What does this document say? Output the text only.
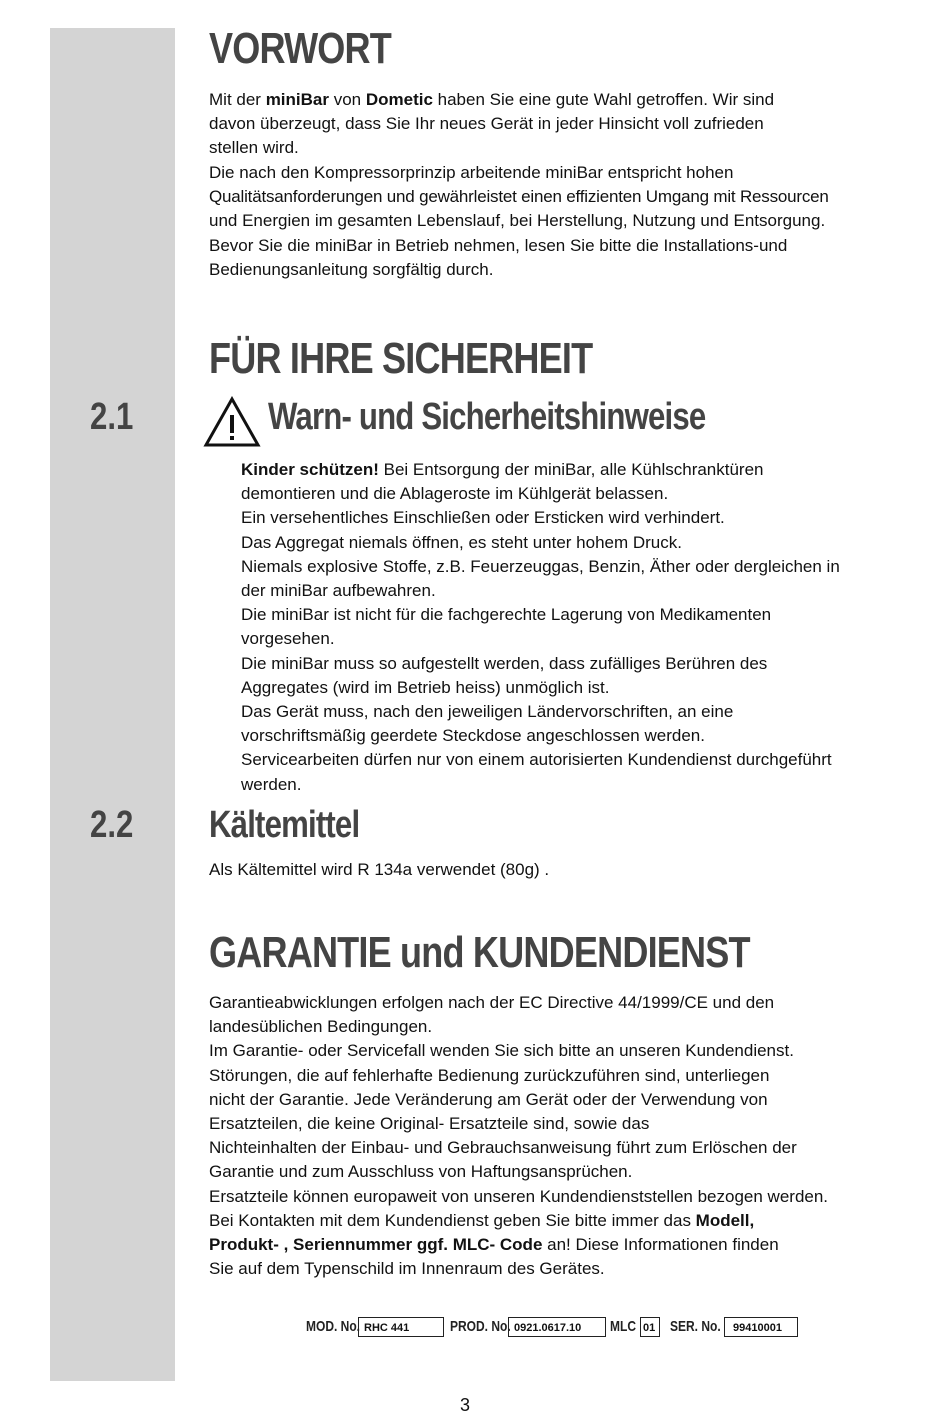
VORWORT
Mit der miniBar von Dometic haben Sie eine gute Wahl getroffen. Wir sind
davon überzeugt, dass Sie Ihr neues Gerät in jeder Hinsicht voll zufrieden
stellen wird.
Die nach den Kompressorprinzip arbeitende miniBar entspricht hohen
Qualitätsanforderungen und gewährleistet einen effizienten Umgang mit Ressourcen
und Energien im gesamten Lebenslauf, bei Herstellung, Nutzung und Entsorgung.
Bevor Sie die miniBar in Betrieb nehmen, lesen Sie bitte die Installations-und
Bedienungsanleitung sorgfältig durch.
FÜR IHRE SICHERHEIT
2.1	Warn- und Sicherheitshinweise
Kinder schützen! Bei Entsorgung der miniBar, alle Kühlschranktüren
demontieren und die Ablageroste im Kühlgerät belassen.
Ein versehentliches Einschließen oder Ersticken wird verhindert.
Das Aggregat niemals öffnen, es steht unter hohem Druck.
Niemals explosive Stoffe, z.B. Feuerzeuggas, Benzin, Äther oder dergleichen in
der miniBar aufbewahren.
Die miniBar ist nicht für die fachgerechte Lagerung von Medikamenten
vorgesehen.
Die miniBar muss so aufgestellt werden, dass zufälliges Berühren des
Aggregates (wird im Betrieb heiss) unmöglich ist.
Das Gerät muss, nach den jeweiligen Ländervorschriften, an eine
vorschriftsmäßig geerdete Steckdose angeschlossen werden.
Servicearbeiten dürfen nur von einem autorisierten Kundendienst durchgeführt
werden.
2.2 Kältemittel
Als Kältemittel wird R 134a verwendet (80g) .
GARANTIE und KUNDENDIENST
Garantieabwicklungen erfolgen nach der EC Directive 44/1999/CE und den
landesüblichen Bedingungen.
Im Garantie- oder Servicefall wenden Sie sich bitte an unseren Kundendienst.
Störungen, die auf fehlerhafte Bedienung zurückzuführen sind, unterliegen
nicht der Garantie. Jede Veränderung am Gerät oder der Verwendung von
Ersatzteilen, die keine Original- Ersatzteile sind, sowie das
Nichteinhalten der Einbau- und Gebrauchsanweisung führt zum Erlöschen der
Garantie und zum Ausschluss von Haftungsansprüchen.
Ersatzteile können europaweit von unseren Kundendienststellen bezogen werden.
Bei Kontakten mit dem Kundendienst geben Sie bitte immer das Modell,
Produkt- , Seriennummer ggf. MLC- Code an! Diese Informationen finden
Sie auf dem Typenschild im Innenraum des Gerätes.
MOD. No. RHC 441	PROD. No. 0921.0617.10	MLC 01 SER. No.	99410001
3
